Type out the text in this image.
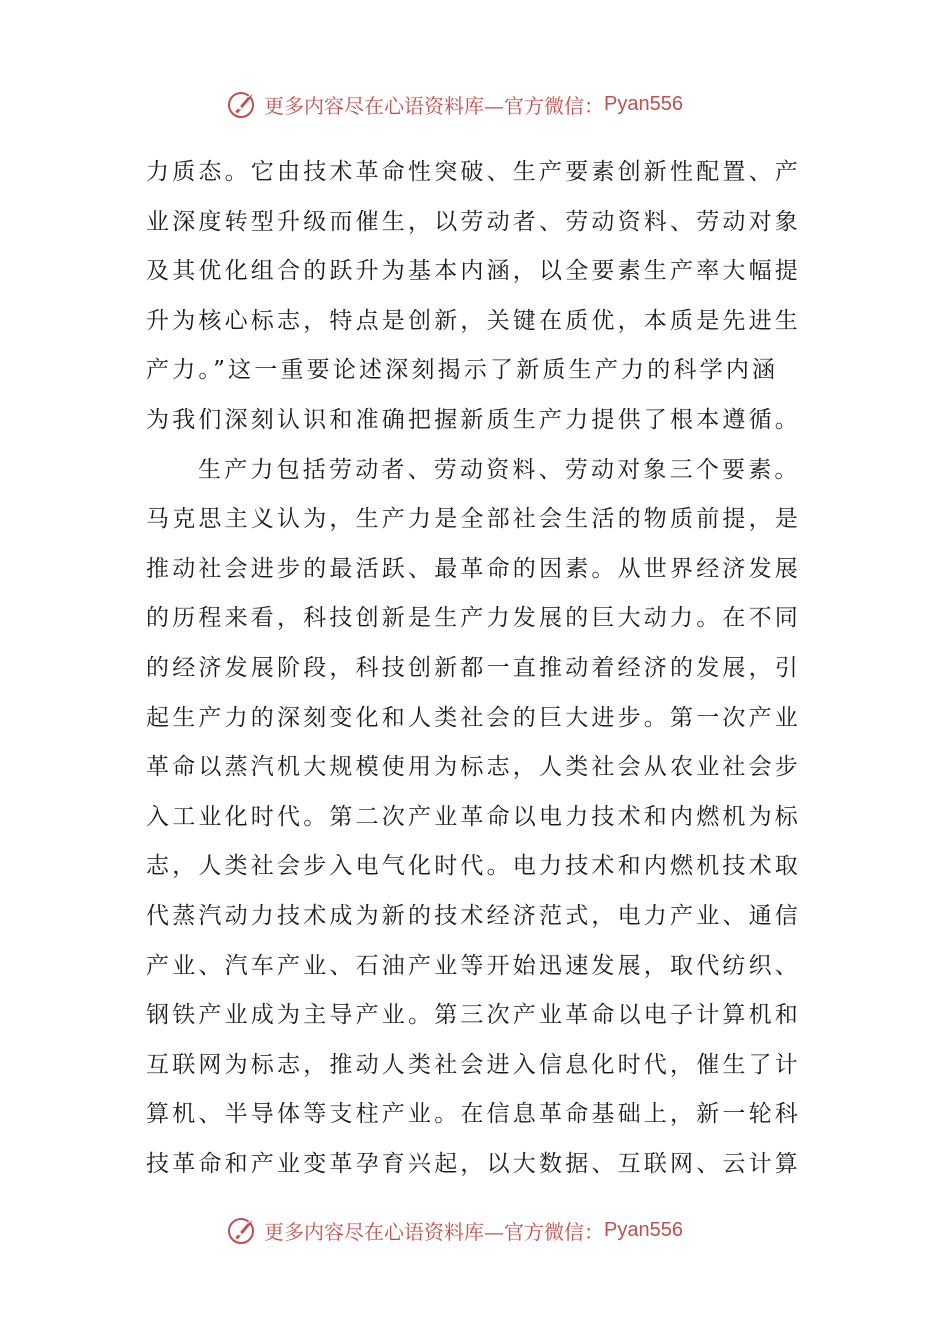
更多内容尽在心语资料库—官方微信： Pyan556
力质态。它由技术革命性突破、生产要素创新性配置、产
业深度转型升级而催生，以劳动者、劳动资料、劳动对象
及其优化组合的跃升为基本内涵，以全要素生产率大幅提
升为核心标志，特点是创新，关键在质优，本质是先进生
产力。”这一重要论述深刻揭示了新质生产力的科学内涵
为我们深刻认识和准确把握新质生产力提供了根本遵循。
生产力包括劳动者、劳动资料、劳动对象三个要素。
马克思主义认为，生产力是全部社会生活的物质前提，是
推动社会进步的最活跃、最革命的因素。从世界经济发展
的历程来看，科技创新是生产力发展的巨大动力。在不同
的经济发展阶段，科技创新都一直推动着经济的发展，引
起生产力的深刻变化和人类社会的巨大进步。第一次产业
革命以蒸汽机大规模使用为标志，人类社会从农业社会步
入工业化时代。第二次产业革命以电力技术和内燃机为标
志，人类社会步入电气化时代。电力技术和内燃机技术取
代蒸汽动力技术成为新的技术经济范式，电力产业、通信
产业、汽车产业、石油产业等开始迅速发展，取代纺织、
钢铁产业成为主导产业。第三次产业革命以电子计算机和
互联网为标志，推动人类社会进入信息化时代，催生了计
算机、半导体等支柱产业。在信息革命基础上，新一轮科
技革命和产业变革孕育兴起，以大数据、互联网、云计算
更多内容尽在心语资料库—官方微信： Pyan556
